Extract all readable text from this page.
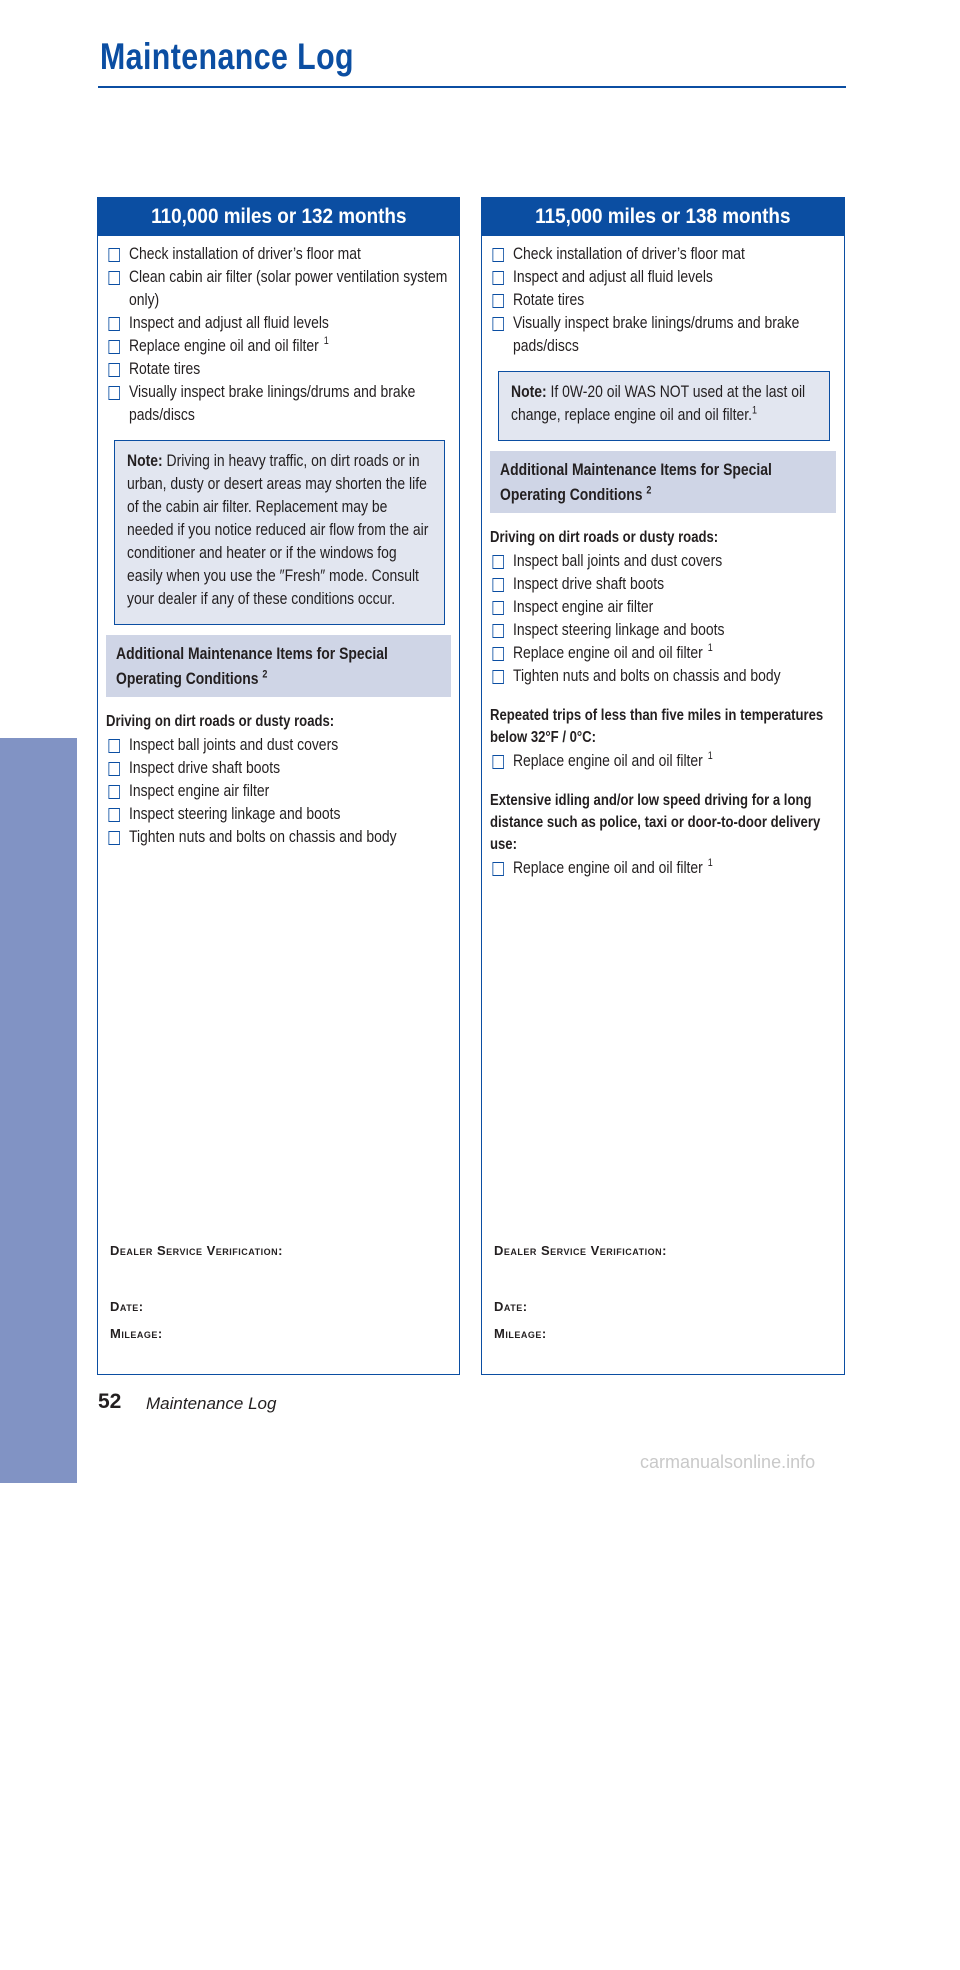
Maintenance Log
MAINTENANCE
110,000 miles or 132 months
Check installation of driver’s floor mat
Clean cabin air filter (solar power ventilation system only)
Inspect and adjust all fluid levels
Replace engine oil and oil filter $^1$
Rotate tires
Visually inspect brake linings/drums and brake pads/discs
Note: Driving in heavy traffic, on dirt roads or in urban, dusty or desert areas may shorten the life of the cabin air filter. Replacement may be needed if you notice reduced air flow from the air conditioner and heater or if the windows fog easily when you use the ″Fresh″ mode. Consult your dealer if any of these conditions occur.
Additional Maintenance Items for Special Operating Conditions $^2$
Driving on dirt roads or dusty roads:
Inspect ball joints and dust covers
Inspect drive shaft boots
Inspect engine air filter
Inspect steering linkage and boots
Tighten nuts and bolts on chassis and body
Dealer Service Verification:
Date:
Mileage:
115,000 miles or 138 months
Check installation of driver’s floor mat
Inspect and adjust all fluid levels
Rotate tires
Visually inspect brake linings/drums and brake pads/discs
Note: If 0W-20 oil WAS NOT used at the last oil change, replace engine oil and oil filter.$^1$
Additional Maintenance Items for Special Operating Conditions $^2$
Driving on dirt roads or dusty roads:
Inspect ball joints and dust covers
Inspect drive shaft boots
Inspect engine air filter
Inspect steering linkage and boots
Replace engine oil and oil filter $^1$
Tighten nuts and bolts on chassis and body
Repeated trips of less than five miles in temperatures below 32°F / 0°C:
Replace engine oil and oil filter $^1$
Extensive idling and/or low speed driving for a long distance such as police, taxi or door-to-door delivery use:
Replace engine oil and oil filter $^1$
Dealer Service Verification:
Date:
Mileage:
52 Maintenance Log
carmanualsonline.info
